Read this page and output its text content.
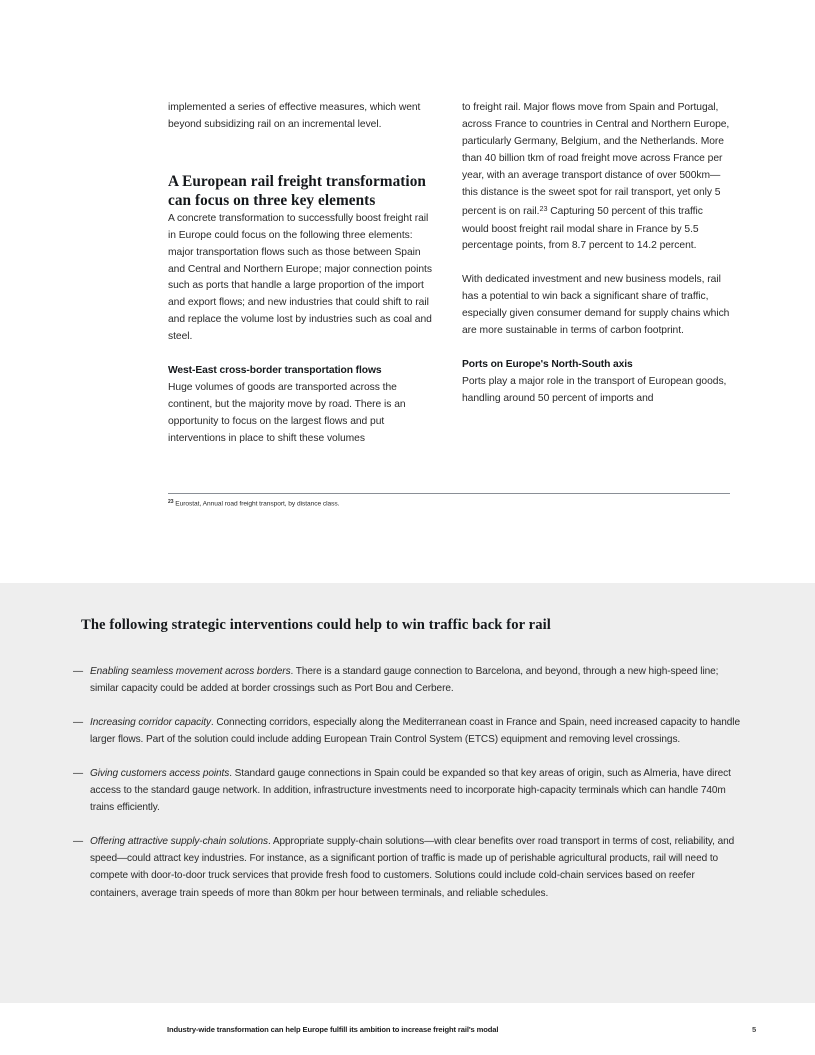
implemented a series of effective measures, which went beyond subsidizing rail on an incremental level.

A European rail freight transformation can focus on three key elements

A concrete transformation to successfully boost freight rail in Europe could focus on the following three elements: major transportation flows such as those between Spain and Central and Northern Europe; major connection points such as ports that handle a large proportion of the import and export flows; and new industries that could shift to rail and replace the volume lost by industries such as coal and steel.

West-East cross-border transportation flows

Huge volumes of goods are transported across the continent, but the majority move by road. There is an opportunity to focus on the largest flows and put interventions in place to shift these volumes

to freight rail. Major flows move from Spain and Portugal, across France to countries in Central and Northern Europe, particularly Germany, Belgium, and the Netherlands. More than 40 billion tkm of road freight move across France per year, with an average transport distance of over 500km—this distance is the sweet spot for rail transport, yet only 5 percent is on rail.$^{23}$ Capturing 50 percent of this traffic would boost freight rail modal share in France by 5.5 percentage points, from 8.7 percent to 14.2 percent.

With dedicated investment and new business models, rail has a potential to win back a significant share of traffic, especially given consumer demand for supply chains which are more sustainable in terms of carbon footprint.

Ports on Europe's North-South axis

Ports play a major role in the transport of European goods, handling around 50 percent of imports and

$^{23}$ Eurostat, Annual road freight transport, by distance class.
The following strategic interventions could help to win traffic back for rail
— Enabling seamless movement across borders. There is a standard gauge connection to Barcelona, and beyond, through a new high-speed line; similar capacity could be added at border crossings such as Port Bou and Cerbere.
— Increasing corridor capacity. Connecting corridors, especially along the Mediterranean coast in France and Spain, need increased capacity to handle larger flows. Part of the solution could include adding European Train Control System (ETCS) equipment and removing level crossings.
— Giving customers access points. Standard gauge connections in Spain could be expanded so that key areas of origin, such as Almeria, have direct access to the standard gauge network. In addition, infrastructure investments need to incorporate high-capacity terminals which can handle 740m trains efficiently.
— Offering attractive supply-chain solutions. Appropriate supply-chain solutions—with clear benefits over road transport in terms of cost, reliability, and speed—could attract key industries. For instance, as a significant portion of traffic is made up of perishable agricultural products, rail will need to compete with door-to-door truck services that provide fresh food to customers. Solutions could include cold-chain services based on reefer containers, average train speeds of more than 80km per hour between terminals, and reliable schedules.
Industry-wide transformation can help Europe fulfill its ambition to increase freight rail's modal	5
